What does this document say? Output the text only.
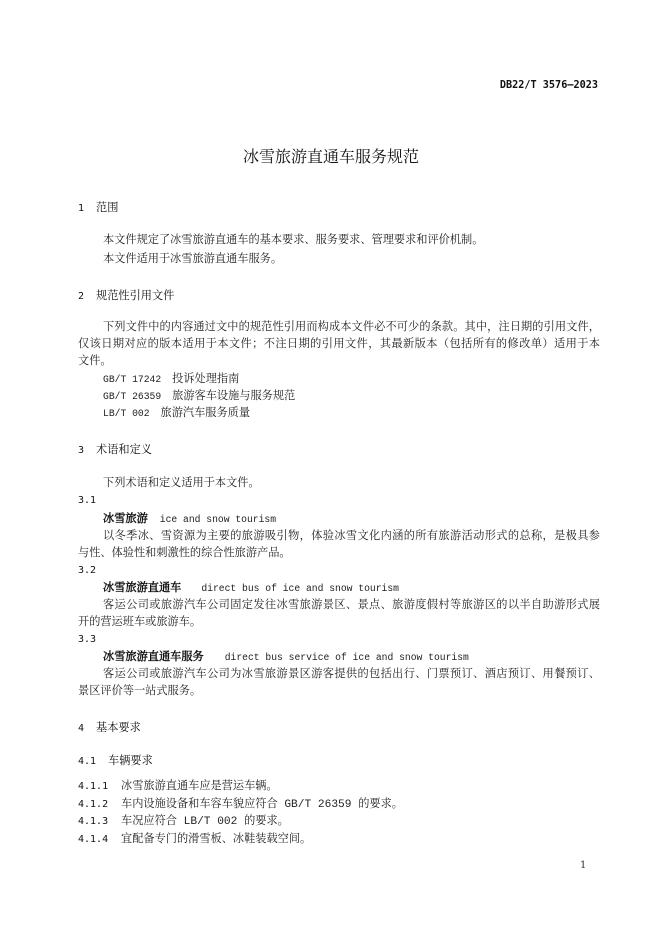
DB22/T 3576—2023
冰雪旅游直通车服务规范
1	范围
本文件规定了冰雪旅游直通车的基本要求、服务要求、管理要求和评价机制。
本文件适用于冰雪旅游直通车服务。
2	规范性引用文件
下列文件中的内容通过文中的规范性引用而构成本文件必不可少的条款。其中，注日期的引用文件，
仅该日期对应的版本适用于本文件；不注日期的引用文件，其最新版本（包括所有的修改单）适用于本
文件。
GB/T 17242 投诉处理指南
GB/T 26359 旅游客车设施与服务规范
LB/T 002 旅游汽车服务质量
3	术语和定义
下列术语和定义适用于本文件。
3.1
冰雪旅游 ice and snow tourism
以冬季冰、雪资源为主要的旅游吸引物，体验冰雪文化内涵的所有旅游活动形式的总称，是极具参
与性、体验性和刺激性的综合性旅游产品。
3.2
冰雪旅游直通车 direct bus of ice and snow tourism
客运公司或旅游汽车公司固定发往冰雪旅游景区、景点、旅游度假村等旅游区的以半自助游形式展
开的营运班车或旅游车。
3.3
冰雪旅游直通车服务 direct bus service of ice and snow tourism
客运公司或旅游汽车公司为冰雪旅游景区游客提供的包括出行、门票预订、酒店预订、用餐预订、
景区评价等一站式服务。
4	基本要求
4.1	车辆要求
4.1.1	冰雪旅游直通车应是营运车辆。
4.1.2	车内设施设备和车容车貌应符合 GB/T 26359 的要求。
4.1.3	车况应符合 LB/T 002 的要求。
4.1.4	宜配备专门的滑雪板、冰鞋装载空间。
1
